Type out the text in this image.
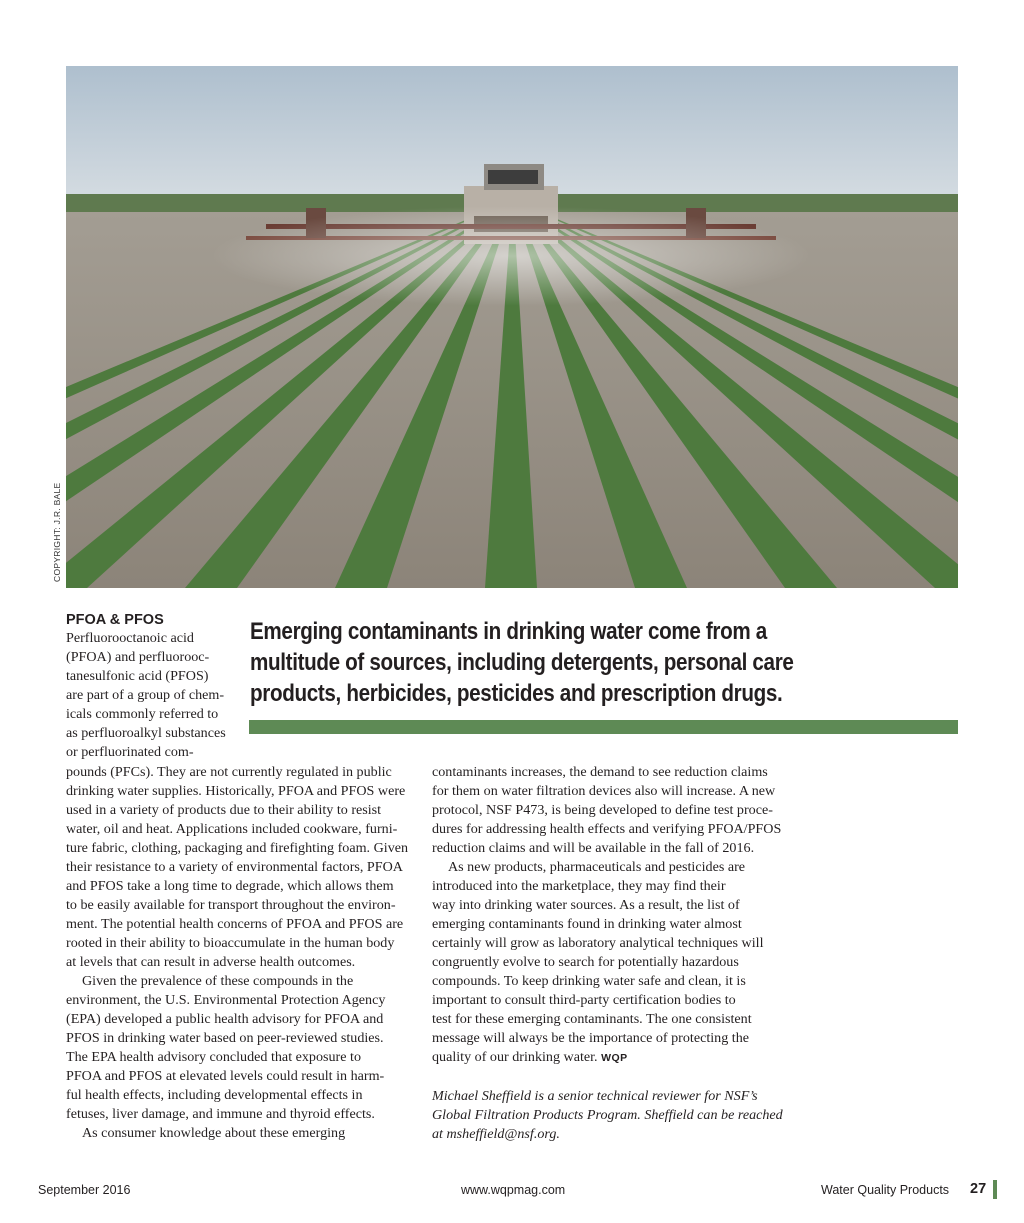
COPYRIGHT: J.R. BALE
PFOA & PFOS

Perfluorooctanoic acid

(PFOA) and perfluorooc-

tanesulfonic acid (PFOS)

are part of a group of chem-

icals commonly referred to

as perfluoroalkyl substances

or perfluorinated com-

Emerging contaminants in drinking water come from a
multitude of sources, including detergents, personal care
products, herbicides, pesticides and prescription drugs.

pounds (PFCs). They are not currently regulated in public

drinking water supplies. Historically, PFOA and PFOS were

used in a variety of products due to their ability to resist

water, oil and heat. Applications included cookware, furni-

ture fabric, clothing, packaging and firefighting foam. Given

their resistance to a variety of environmental factors, PFOA

and PFOS take a long time to degrade, which allows them

to be easily available for transport throughout the environ-

ment. The potential health concerns of PFOA and PFOS are

rooted in their ability to bioaccumulate in the human body

at levels that can result in adverse health outcomes.

Given the prevalence of these compounds in the

environment, the U.S. Environmental Protection Agency

(EPA) developed a public health advisory for PFOA and

PFOS in drinking water based on peer-reviewed studies.

The EPA health advisory concluded that exposure to

PFOA and PFOS at elevated levels could result in harm-

ful health effects, including developmental effects in

fetuses, liver damage, and immune and thyroid effects.

As consumer knowledge about these emerging

contaminants increases, the demand to see reduction claims

for them on water filtration devices also will increase. A new

protocol, NSF P473, is being developed to define test proce-

dures for addressing health effects and verifying PFOA/PFOS

reduction claims and will be available in the fall of 2016.

As new products, pharmaceuticals and pesticides are

introduced into the marketplace, they may find their

way into drinking water sources. As a result, the list of

emerging contaminants found in drinking water almost

certainly will grow as laboratory analytical techniques will

congruently evolve to search for potentially hazardous

compounds. To keep drinking water safe and clean, it is

important to consult third-party certification bodies to

test for these emerging contaminants. The one consistent

message will always be the importance of protecting the

quality of our drinking water. WQP

Michael Sheffield is a senior technical reviewer for NSF’s

Global Filtration Products Program. Sheffield can be reached

at msheffield@nsf.org.

September 2016	www.wqpmag.com	Water Quality Products 27
